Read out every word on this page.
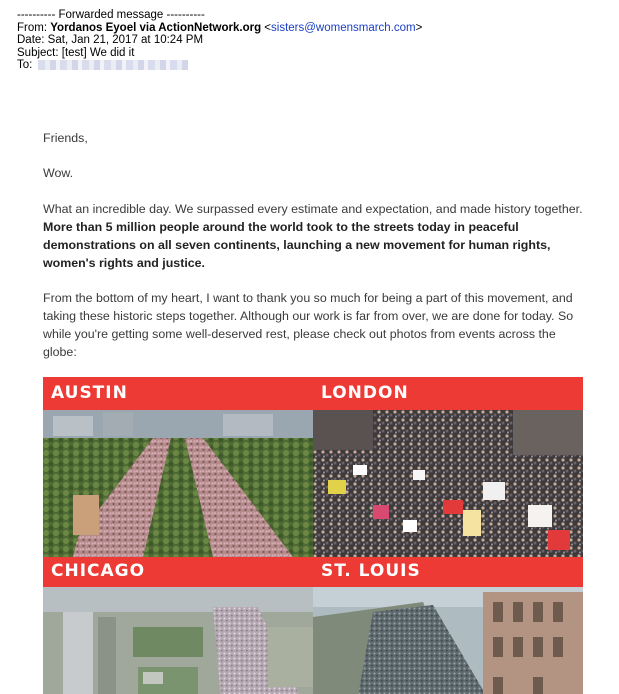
---------- Forwarded message ----------
From: Yordanos Eyoel via ActionNetwork.org <sisters@womensmarch.com>
Date: Sat, Jan 21, 2017 at 10:24 PM
Subject: [test] We did it
To:

Friends,

Wow.

What an incredible day. We surpassed every estimate and expectation, and made history together. More than 5 million people around the world took to the streets today in peaceful demonstrations on all seven continents, launching a new movement for human rights, women's rights and justice.

From the bottom of my heart, I want to thank you so much for being a part of this movement, and taking these historic steps together. Although our work is far from over, we are done for today. So while you're getting some well-deserved rest, please check out photos from events across the globe:

AUSTIN	LONDON
CHICAGO	ST. LOUIS
